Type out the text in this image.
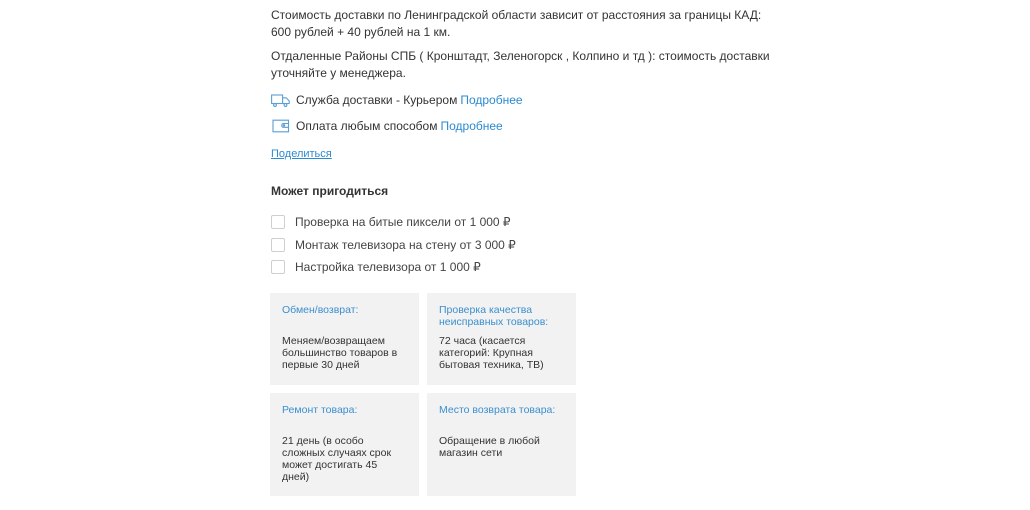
Стоимость доставки по Ленинградской области зависит от расстояния за границы КАД: 600 рублей + 40 рублей на 1 км.

Отдаленные Районы СПБ ( Кронштадт, Зеленогорск , Колпино и тд ): стоимость доставки уточняйте у менеджера.

Служба доставки - Курьером Подробнее
Оплата любым способом Подробнее
Поделиться
Может пригодиться
Проверка на битые пиксели от 1 000 ₽
Монтаж телевизора на стену от 3 000 ₽
Настройка телевизора от 1 000 ₽

Обмен/возврат:

Меняем/возвращаем большинство товаров в первые 30 дней

Проверка качества неисправных товаров:

72 часа (касается категорий: Крупная бытовая техника, ТВ)

Ремонт товара:

21 день (в особо сложных случаях срок может достигать 45 дней)

Место возврата товара:

Обращение в любой магазин сети
